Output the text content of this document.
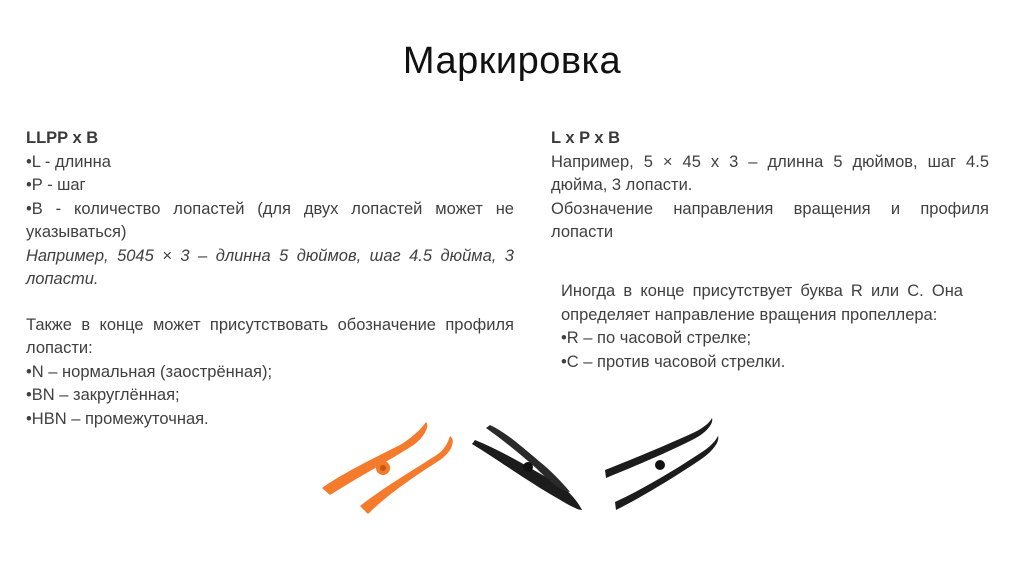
Маркировка

LLPP x B

•L - длинна

•P - шаг

•B - количество лопастей (для двух лопастей может не указываться)

Например, 5045 × 3 – длинна 5 дюймов, шаг 4.5 дюйма, 3 лопасти.

Также в конце может присутствовать обозначение профиля лопасти:

•N – нормальная (заострённая);

•BN – закруглённая;

•HBN – промежуточная.

L x P x B

Например, 5 × 45 x 3 – длинна 5 дюймов, шаг 4.5 дюйма, 3 лопасти.

Обозначение направления вращения и профиля лопасти

Иногда в конце присутствует буква R или C. Она определяет направление вращения пропеллера:

•R – по часовой стрелке;

•C – против часовой стрелки.
